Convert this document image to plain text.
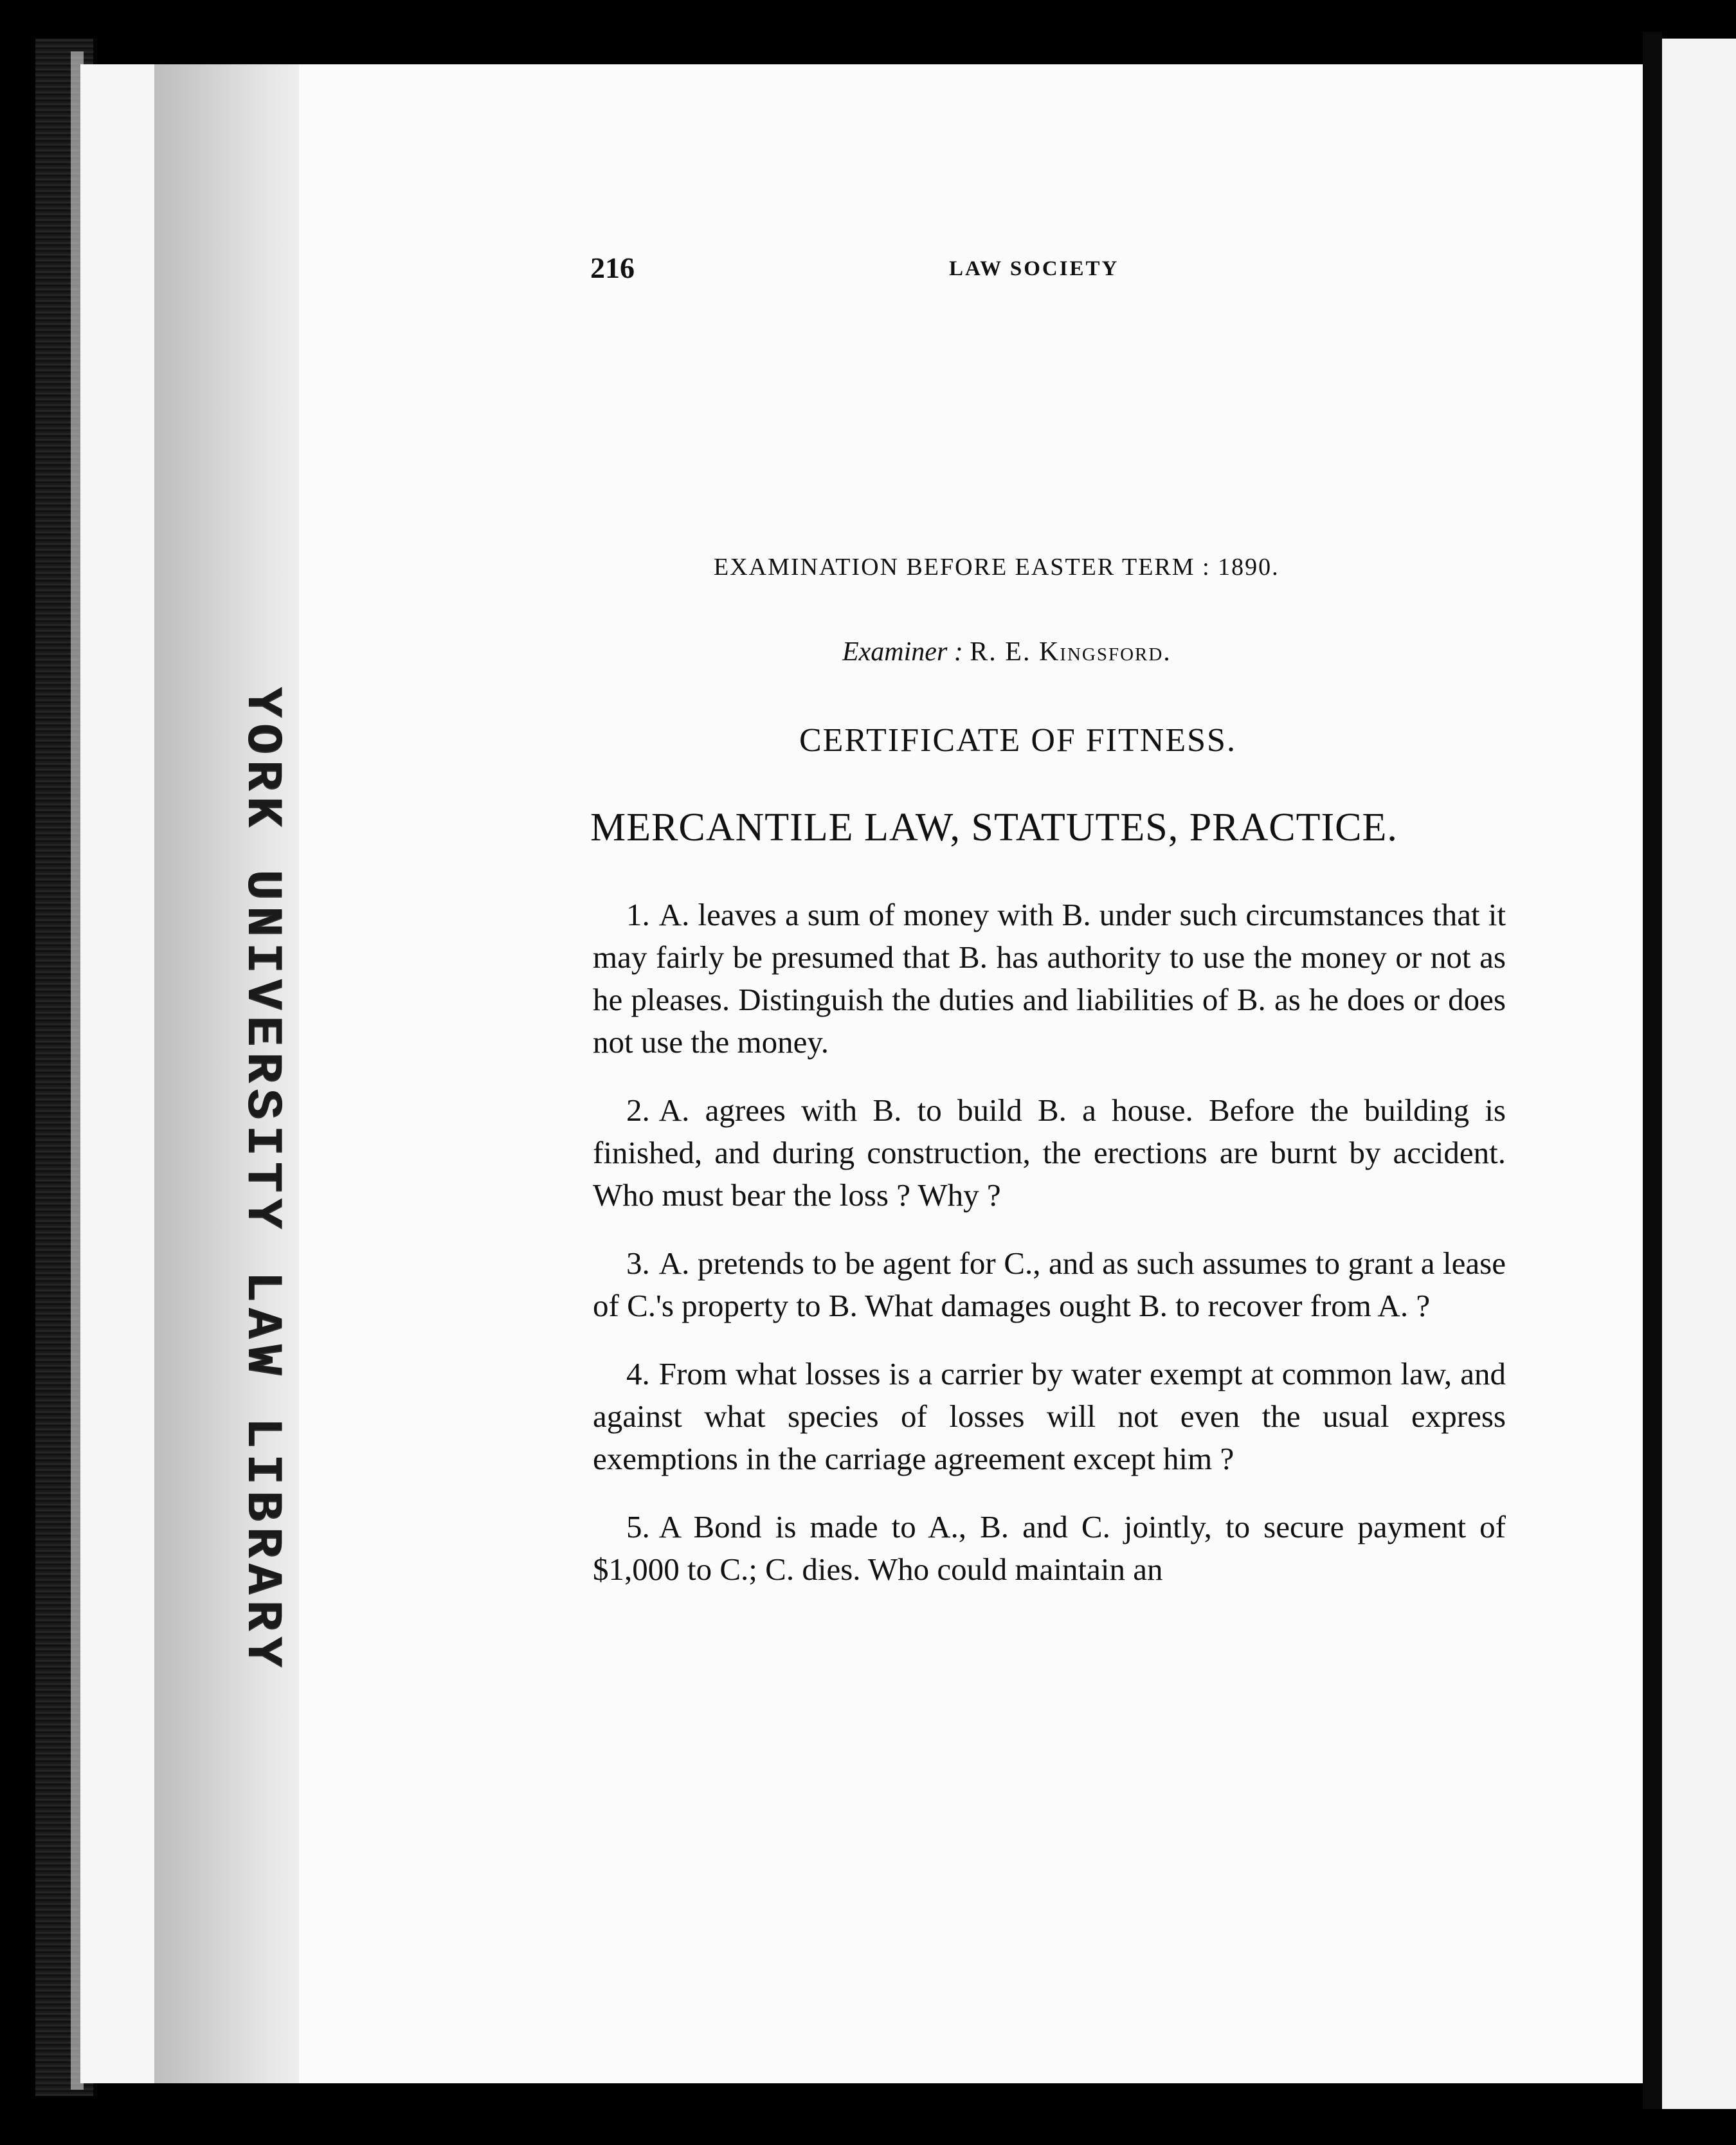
YORK UNIVERSITY LAW LIBRARY
216	LAW SOCIETY
EXAMINATION BEFORE EASTER TERM : 1890.
Examiner : R. E. Kingsford.
CERTIFICATE OF FITNESS.
MERCANTILE LAW, STATUTES, PRACTICE.

1. A. leaves a sum of money with B. under such circumstances that it may fairly be presumed that B. has authority to use the money or not as he pleases. Distinguish the duties and liabilities of B. as he does or does not use the money.

2. A. agrees with B. to build B. a house. Before the building is finished, and during construction, the erections are burnt by accident. Who must bear the loss ? Why ?

3. A. pretends to be agent for C., and as such assumes to grant a lease of C.'s property to B. What damages ought B. to recover from A. ?

4. From what losses is a carrier by water exempt at common law, and against what species of losses will not even the usual express exemptions in the carriage agreement except him ?

5. A Bond is made to A., B. and C. jointly, to secure payment of $1,000 to C.; C. dies. Who could maintain an
